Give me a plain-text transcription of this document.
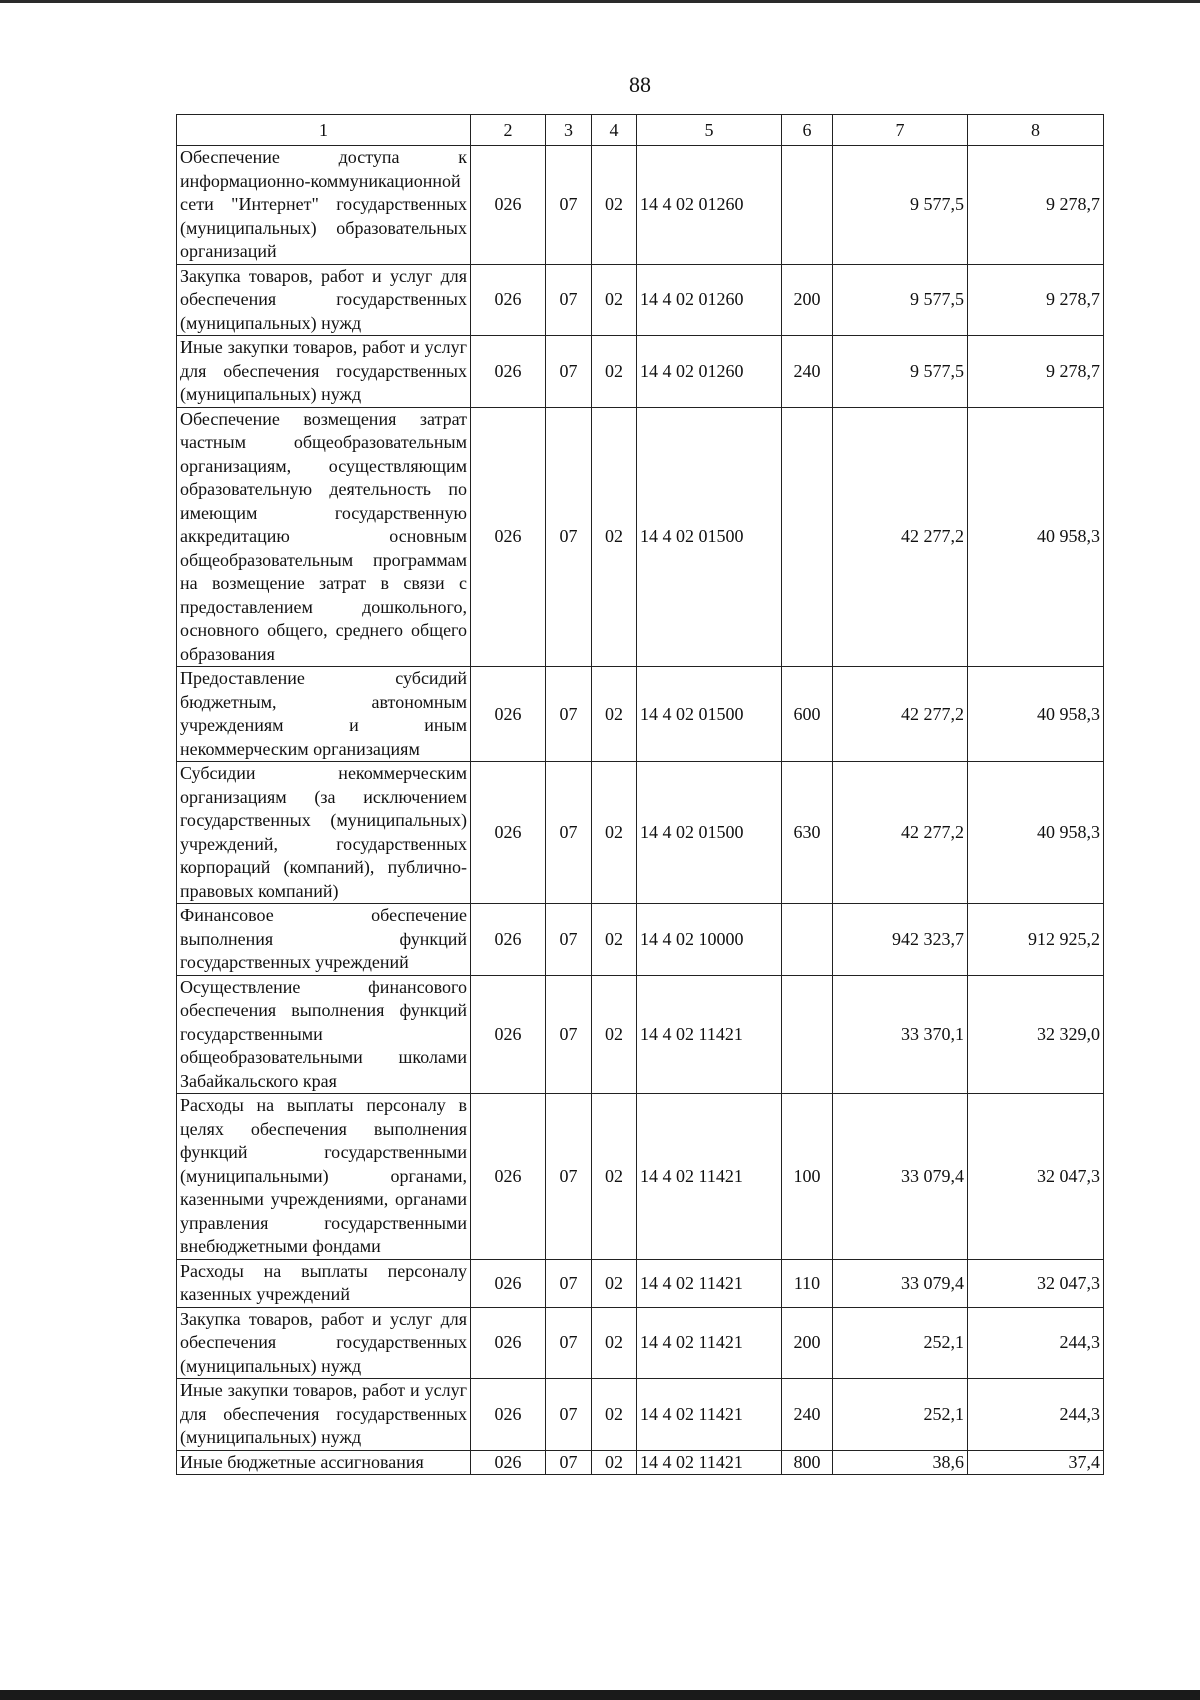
88
1	2	3	4	5	6	7	8
Обеспечение доступа к информационно-коммуникационной сети "Интернет" государственных (муниципальных) образовательных организаций	026	07	02	14 4 02 01260		9 577,5	9 278,7
Закупка товаров, работ и услуг для обеспечения государственных (муниципальных) нужд	026	07	02	14 4 02 01260	200	9 577,5	9 278,7
Иные закупки товаров, работ и услуг для обеспечения государственных (муниципальных) нужд	026	07	02	14 4 02 01260	240	9 577,5	9 278,7
Обеспечение возмещения затрат частным общеобразовательным организациям, осуществляющим образовательную деятельность по имеющим государственную аккредитацию основным общеобразовательным программам на возмещение затрат в связи с предоставлением дошкольного, основного общего, среднего общего образования	026	07	02	14 4 02 01500		42 277,2	40 958,3
Предоставление субсидий бюджетным, автономным учреждениям и иным некоммерческим организациям	026	07	02	14 4 02 01500	600	42 277,2	40 958,3
Субсидии некоммерческим организациям (за исключением государственных (муниципальных) учреждений, государственных корпораций (компаний), публично-правовых компаний)	026	07	02	14 4 02 01500	630	42 277,2	40 958,3
Финансовое обеспечение выполнения функций государственных учреждений	026	07	02	14 4 02 10000		942 323,7	912 925,2
Осуществление финансового обеспечения выполнения функций государственными общеобразовательными школами Забайкальского края	026	07	02	14 4 02 11421		33 370,1	32 329,0
Расходы на выплаты персоналу в целях обеспечения выполнения функций государственными (муниципальными) органами, казенными учреждениями, органами управления государственными внебюджетными фондами	026	07	02	14 4 02 11421	100	33 079,4	32 047,3
Расходы на выплаты персоналу казенных учреждений	026	07	02	14 4 02 11421	110	33 079,4	32 047,3
Закупка товаров, работ и услуг для обеспечения государственных (муниципальных) нужд	026	07	02	14 4 02 11421	200	252,1	244,3
Иные закупки товаров, работ и услуг для обеспечения государственных (муниципальных) нужд	026	07	02	14 4 02 11421	240	252,1	244,3
Иные бюджетные ассигнования	026	07	02	14 4 02 11421	800	38,6	37,4
